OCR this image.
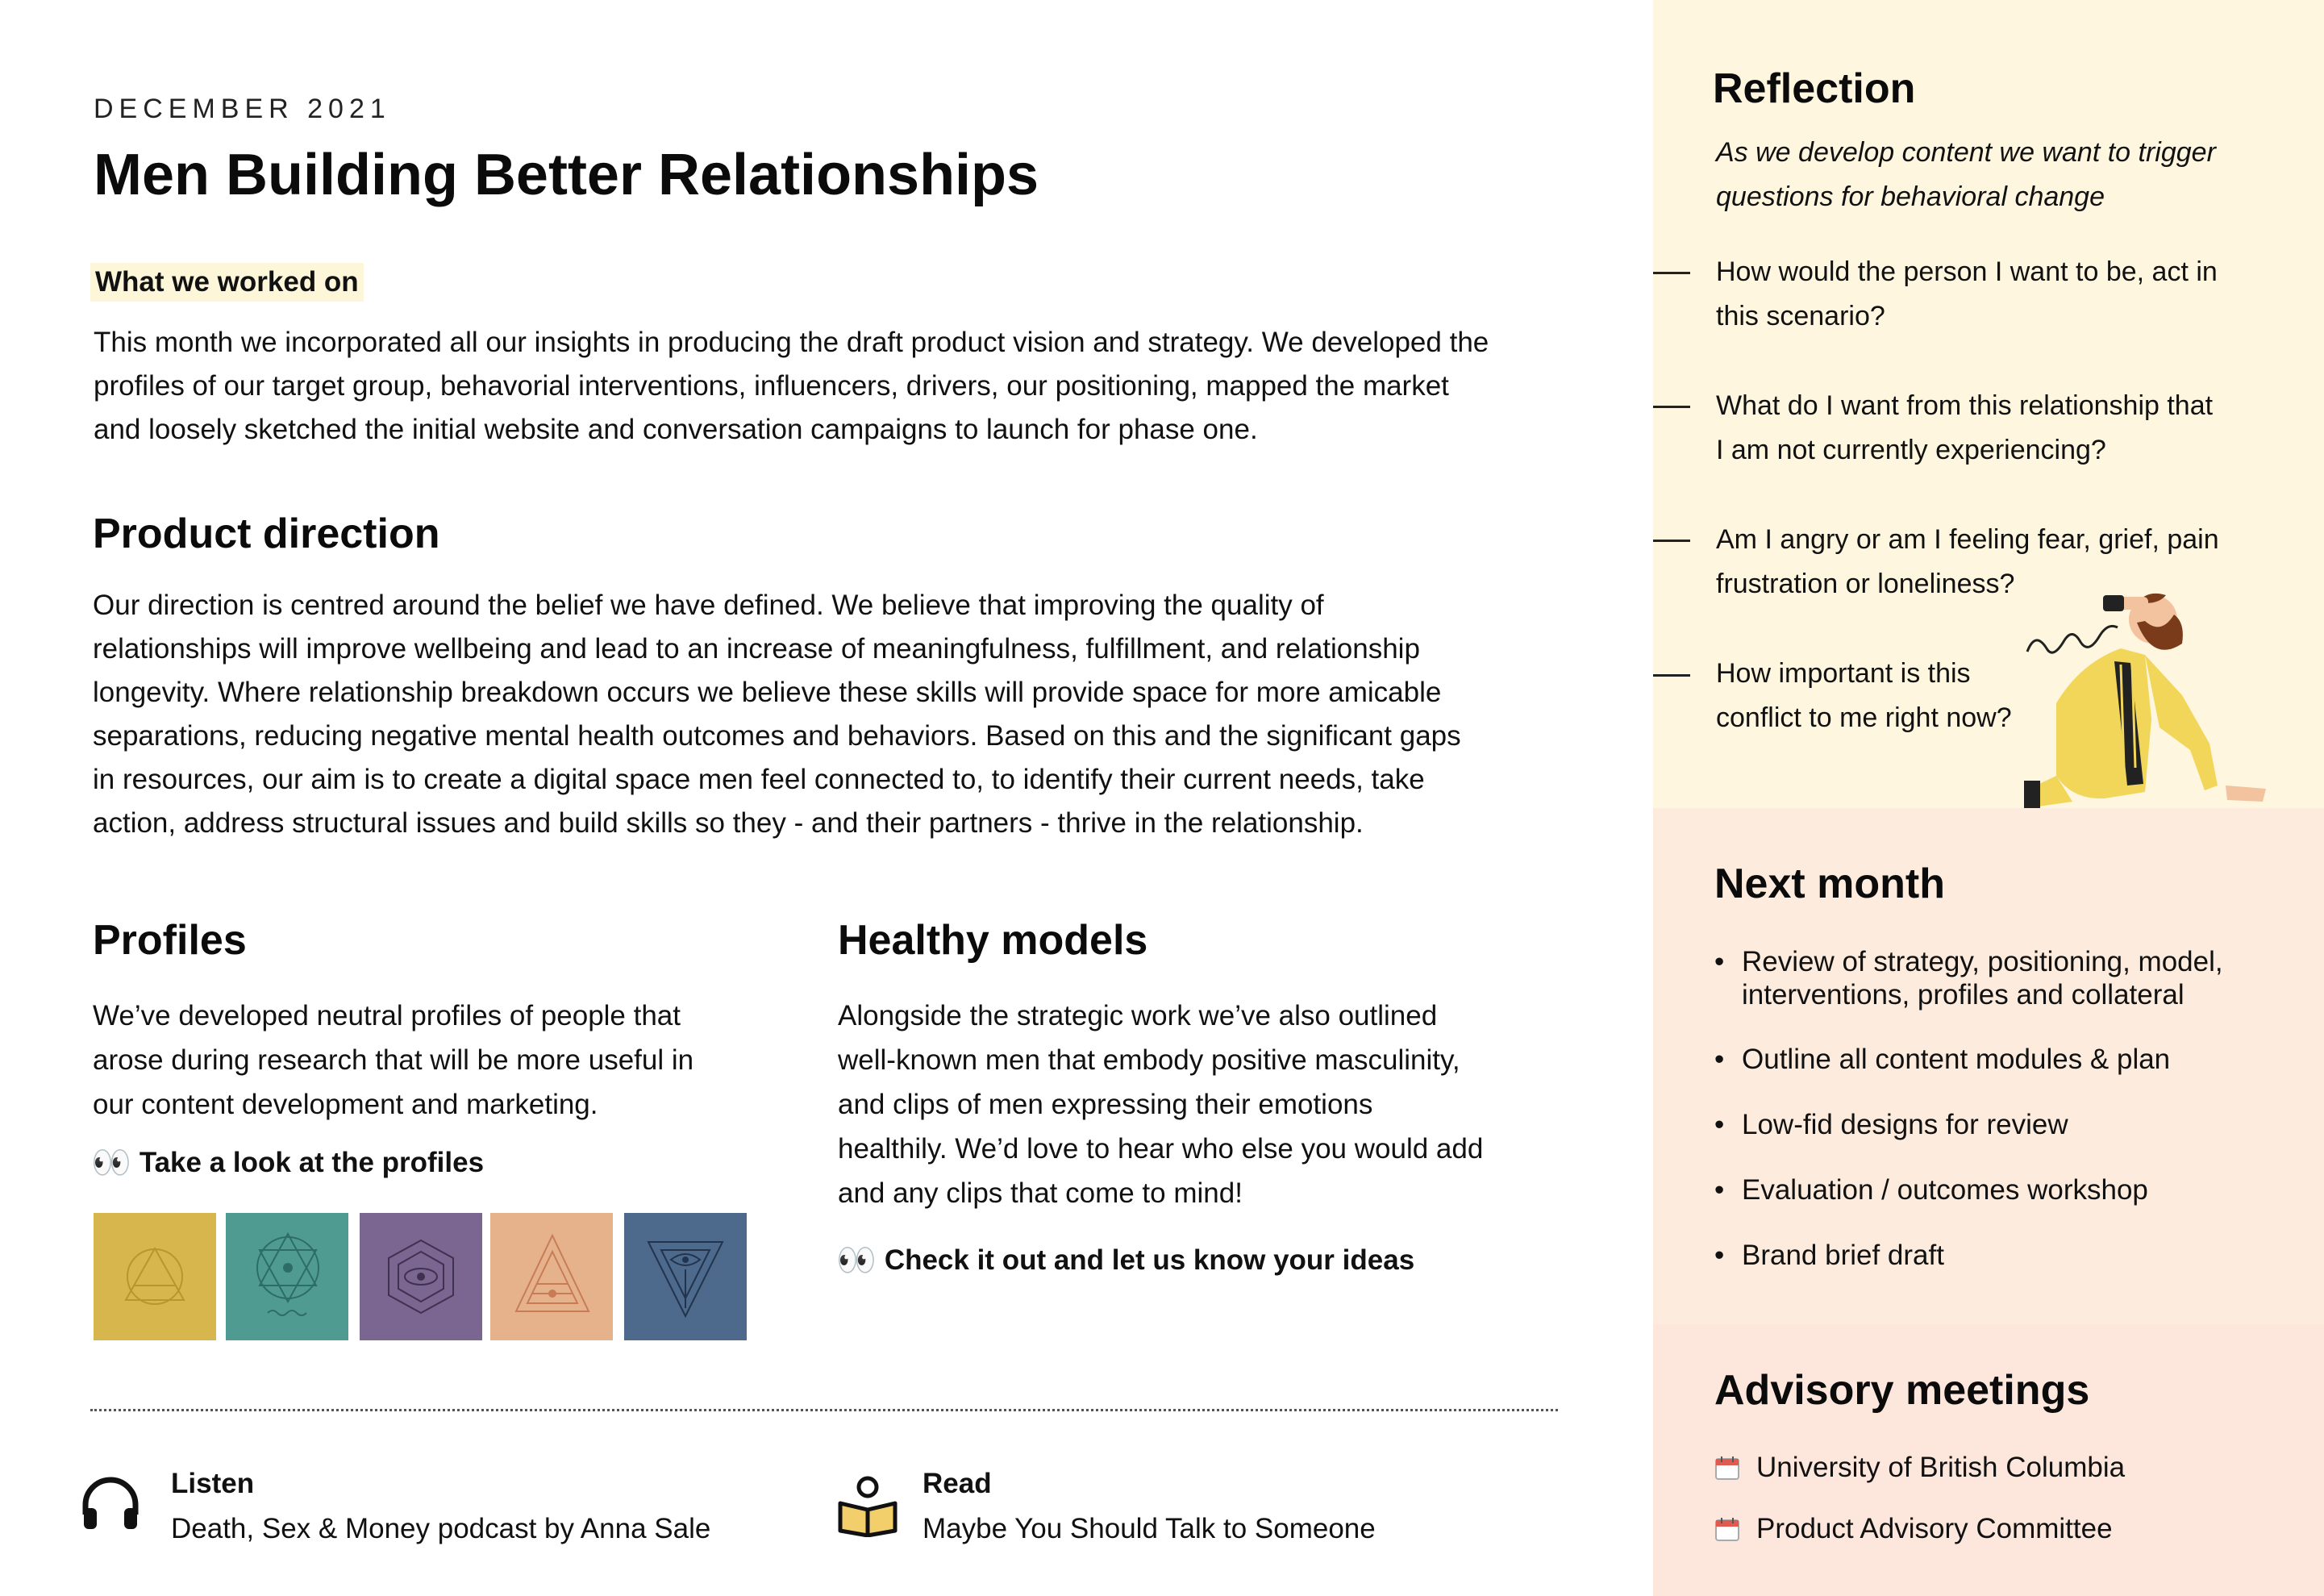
DECEMBER 2021
Men Building Better Relationships
What we worked on
This month we incorporated all our insights in producing the draft product vision and strategy. We developed the
profiles of our target group, behavorial interventions, influencers, drivers, our positioning, mapped the market
and loosely sketched the initial website and conversation campaigns to launch for phase one.
Product direction
Our direction is centred around the belief we have defined. We believe that improving the quality of
relationships will improve wellbeing and lead to an increase of meaningfulness, fulfillment, and relationship
longevity. Where relationship breakdown occurs we believe these skills will provide space for more amicable
separations, reducing negative mental health outcomes and behaviors. Based on this and the significant gaps
in resources, our aim is to create a digital space men feel connected to, to identify their current needs, take
action, address structural issues and build skills so they - and their partners - thrive in the relationship.
Profiles
We’ve developed neutral profiles of people that
arose during research that will be more useful in
our content development and marketing.
👀 Take a look at the profiles
Healthy models
Alongside the strategic work we’ve also outlined
well-known men that embody positive masculinity,
and clips of men expressing their emotions
healthily. We’d love to hear who else you would add
and any clips that come to mind!
👀 Check it out and let us know your ideas
Listen
Death, Sex & Money podcast by Anna Sale
Read
Maybe You Should Talk to Someone
Reflection
As we develop content we want to trigger
questions for behavioral change
How would the person I want to be, act in
this scenario?
What do I want from this relationship that
I am not currently experiencing?
Am I angry or am I feeling fear, grief, pain
frustration or loneliness?
How important is this
conflict to me right now?
Next month
• Review of strategy, positioning, model,
interventions, profiles and collateral
• Outline all content modules & plan
• Low-fid designs for review
• Evaluation / outcomes workshop
• Brand brief draft
Advisory meetings
University of British Columbia
Product Advisory Committee
